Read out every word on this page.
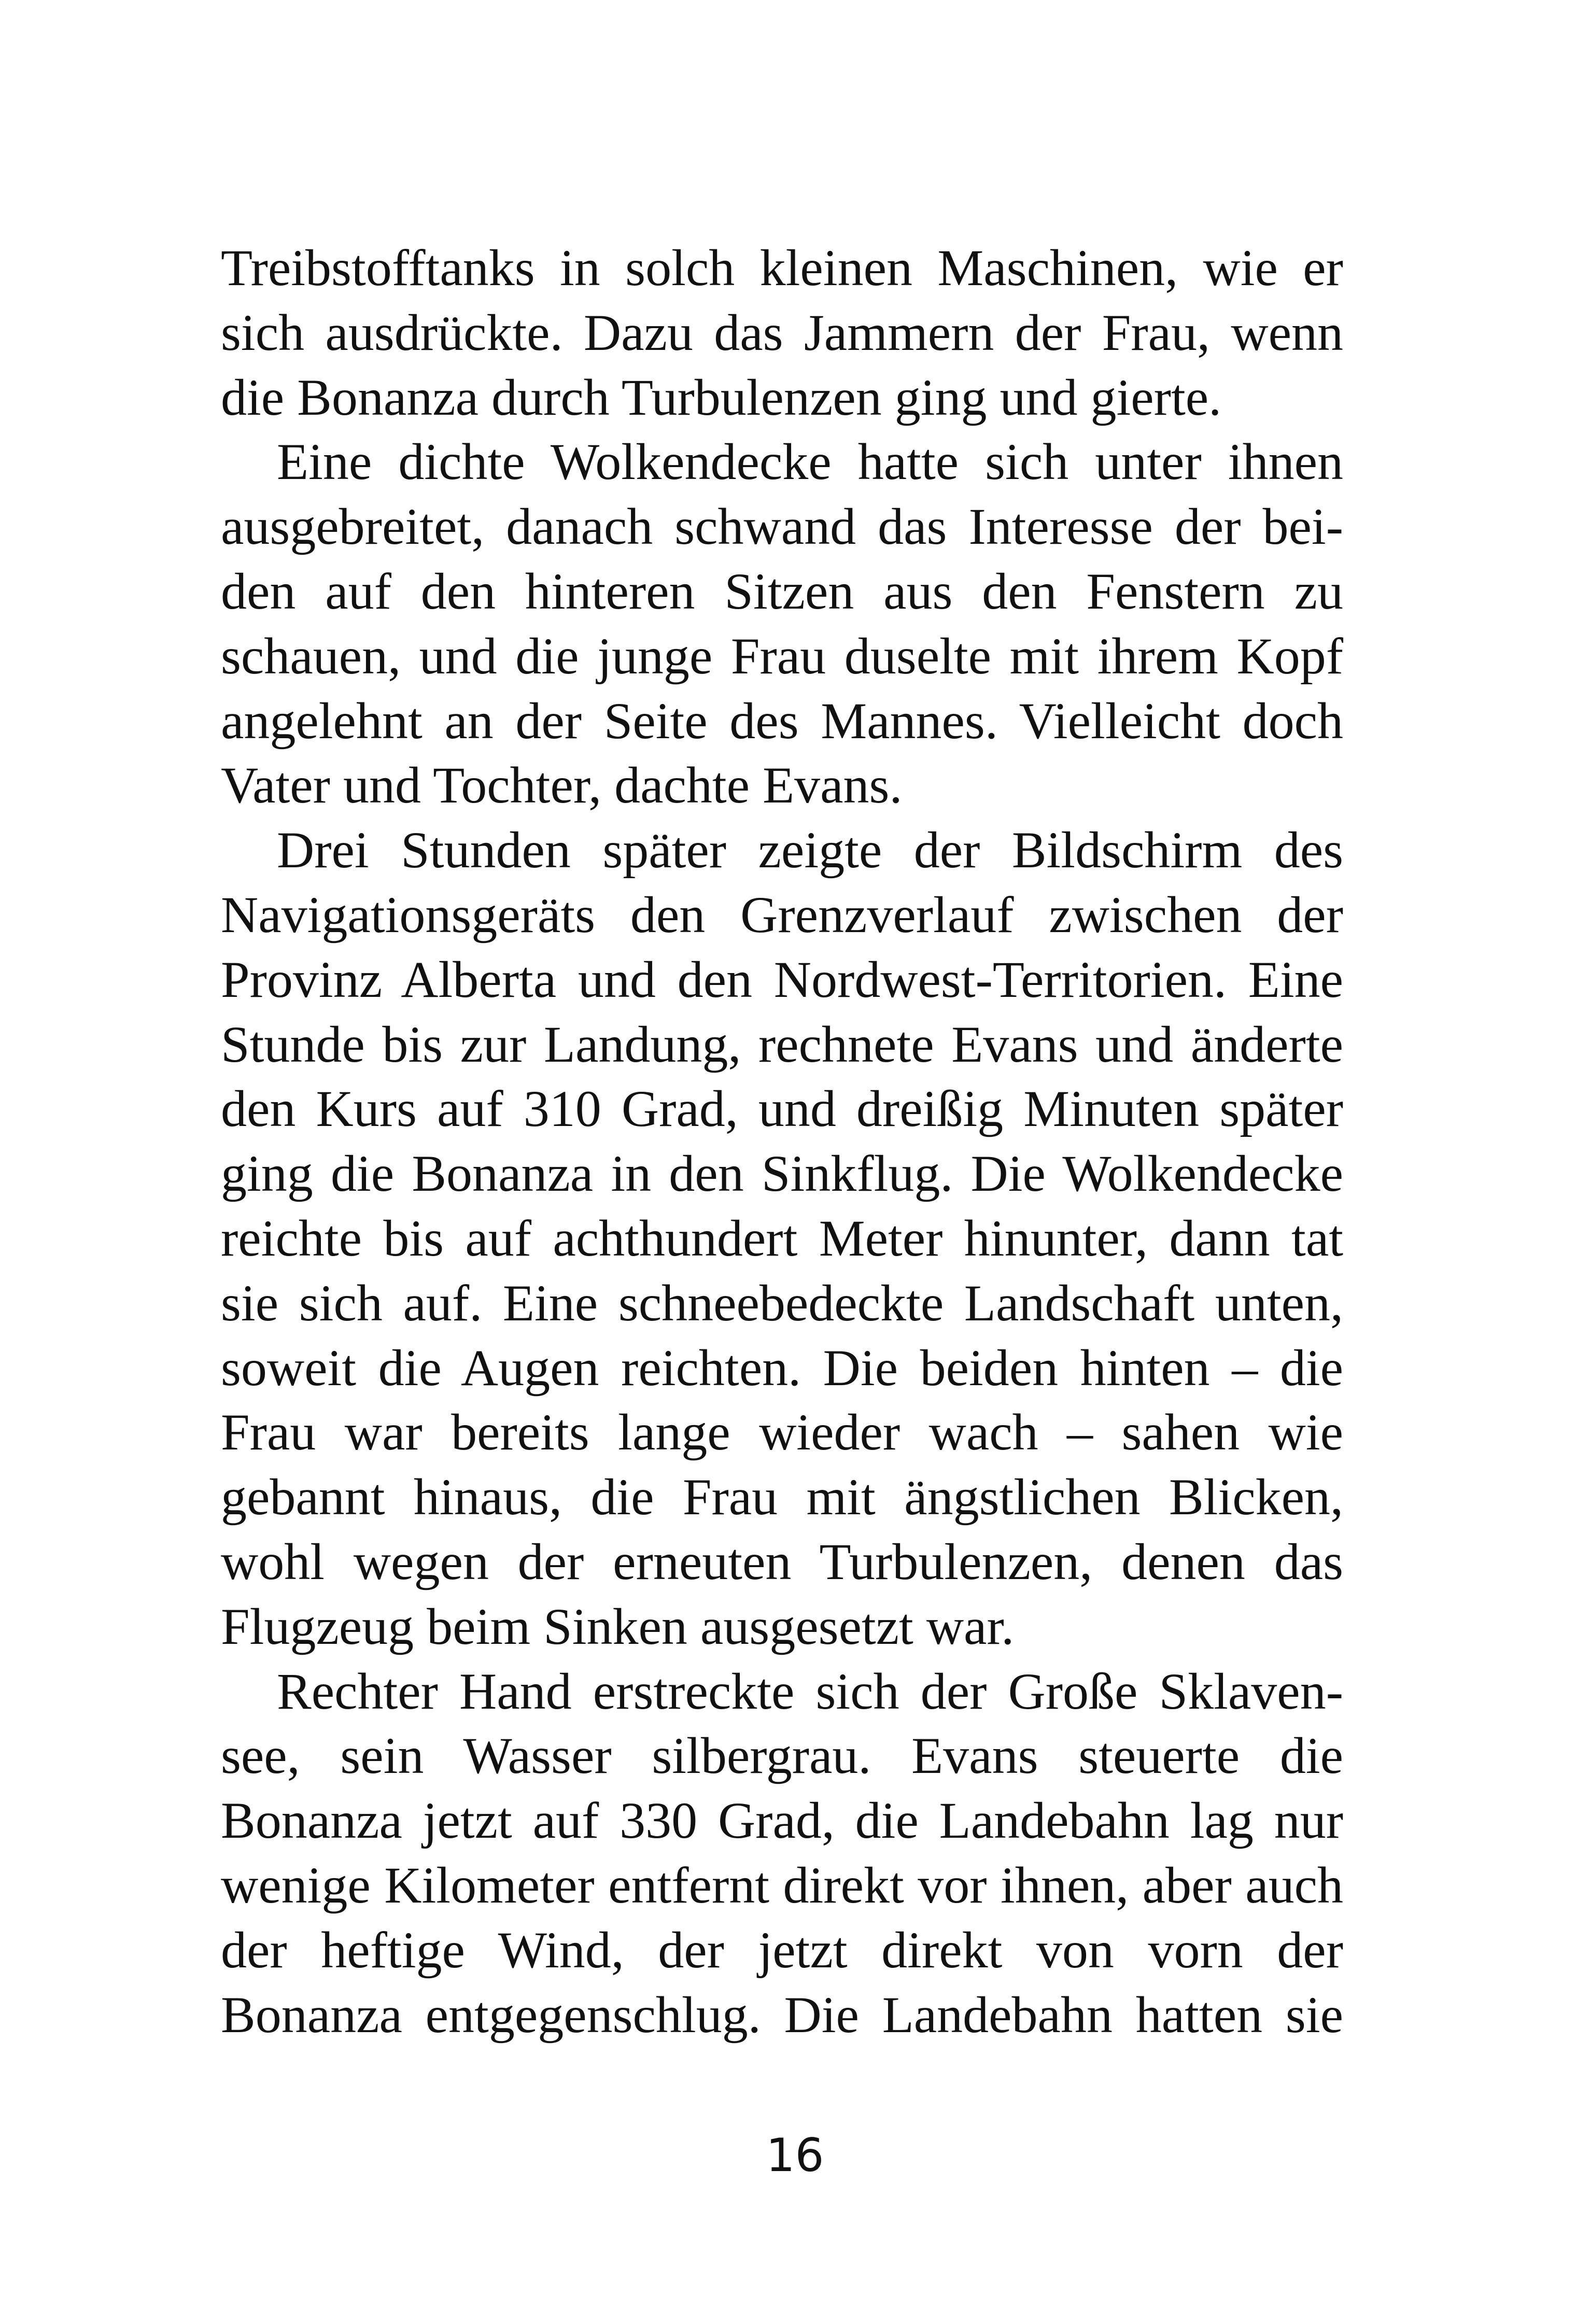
Treibstofftanks in solch kleinen Maschinen, wie er
sich ausdrückte. Dazu das Jammern der Frau, wenn
die Bonanza durch Turbulenzen ging und gierte.
Eine dichte Wolkendecke hatte sich unter ihnen
ausgebreitet, danach schwand das Interesse der bei-
den auf den hinteren Sitzen aus den Fenstern zu
schauen, und die junge Frau duselte mit ihrem Kopf
angelehnt an der Seite des Mannes. Vielleicht doch
Vater und Tochter, dachte Evans.
Drei Stunden später zeigte der Bildschirm des
Navigationsgeräts den Grenzverlauf zwischen der
Provinz Alberta und den Nordwest-Territorien. Eine
Stunde bis zur Landung, rechnete Evans und änderte
den Kurs auf 310 Grad, und dreißig Minuten später
ging die Bonanza in den Sinkflug. Die Wolkendecke
reichte bis auf achthundert Meter hinunter, dann tat
sie sich auf. Eine schneebedeckte Landschaft unten,
soweit die Augen reichten. Die beiden hinten – die
Frau war bereits lange wieder wach – sahen wie
gebannt hinaus, die Frau mit ängstlichen Blicken,
wohl wegen der erneuten Turbulenzen, denen das
Flugzeug beim Sinken ausgesetzt war.
Rechter Hand erstreckte sich der Große Sklaven-
see, sein Wasser silbergrau. Evans steuerte die
Bonanza jetzt auf 330 Grad, die Landebahn lag nur
wenige Kilometer entfernt direkt vor ihnen, aber auch
der heftige Wind, der jetzt direkt von vorn der
Bonanza entgegenschlug. Die Landebahn hatten sie
16
